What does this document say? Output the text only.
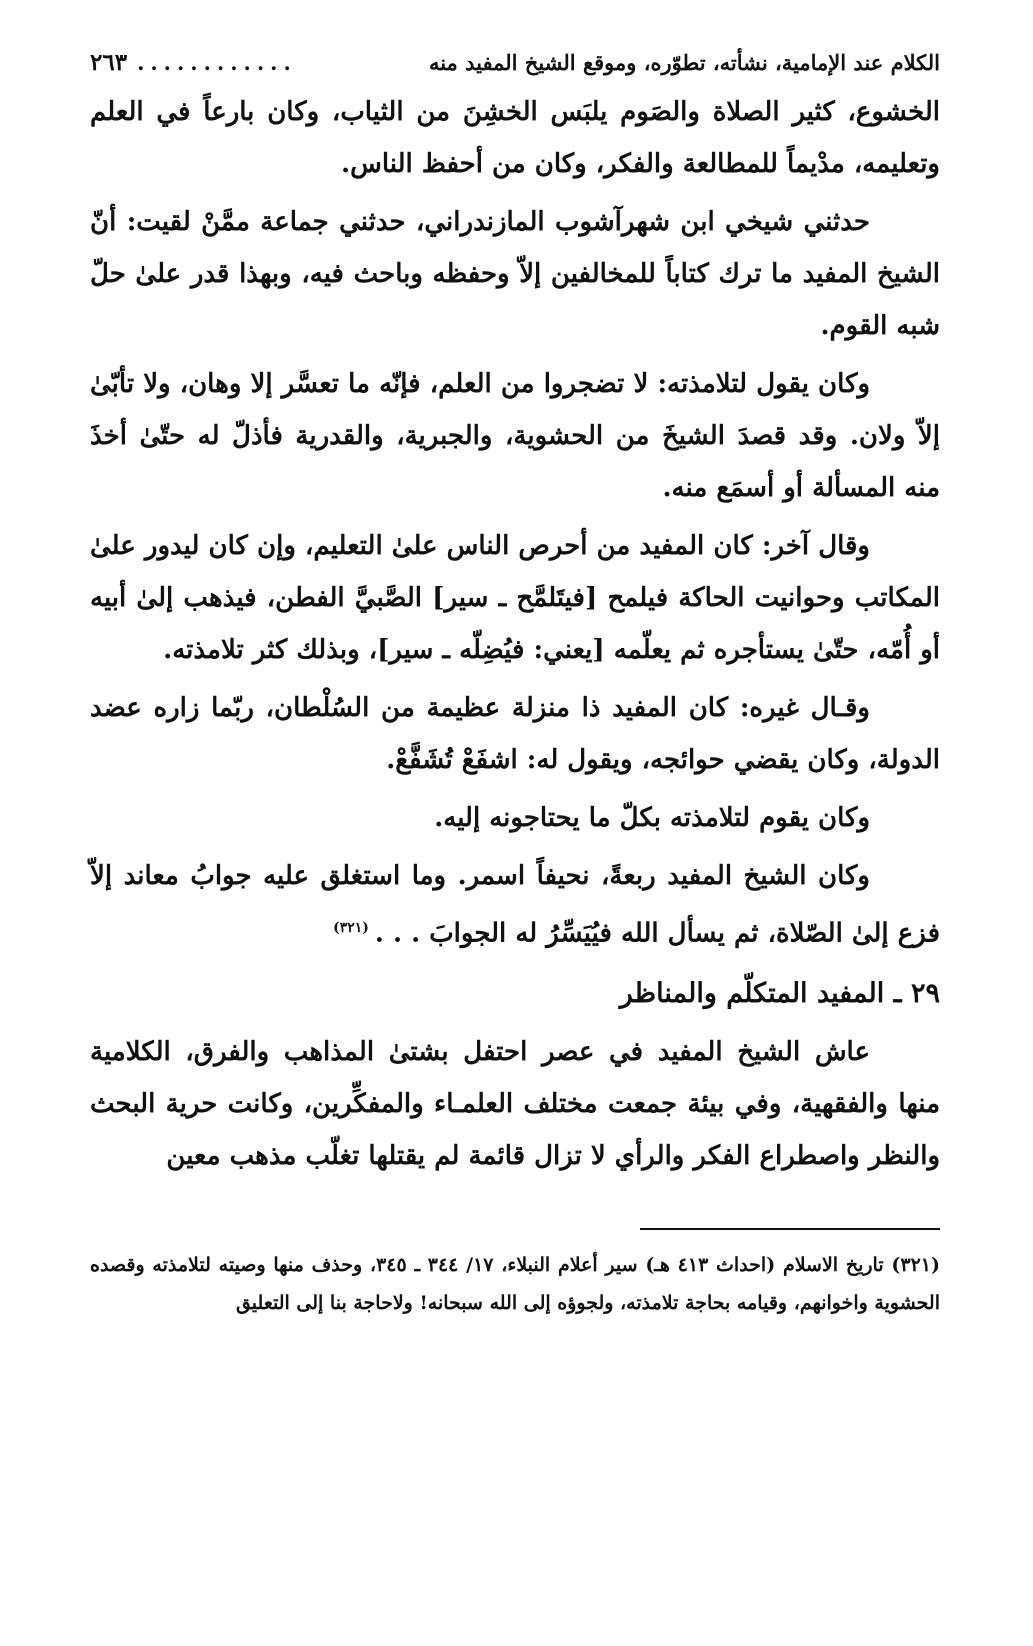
الكلام عند الإمامية، نشأته، تطوّره، وموقع الشيخ المفيد منه
............
٢٦٣

الخشوع، كثير الصلاة والصَوم يلبَس الخشِنَ من الثياب، وكان بارعاً في العلم وتعليمه، مدْيماً للمطالعة والفكر، وكان من أحفظ الناس.

حدثني شيخي ابن شهرآشوب المازندراني، حدثني جماعة ممَّنْ لقيت: أنّ الشيخ المفيد ما ترك كتاباً للمخالفين إلاّ وحفظه وباحث فيه، وبهذا قدر علىٰ حلّ شبه القوم.

وكان يقول لتلامذته: لا تضجروا من العلم، فإنّه ما تعسَّر إلا وهان، ولا تأبّىٰ إلاّ ولان. وقد قصدَ الشيخَ من الحشوية، والجبرية، والقدرية فأذلّ له حتّىٰ أخذَ منه المسألة أو أسمَع منه.

وقال آخر: كان المفيد من أحرص الناس علىٰ التعليم، وإن كان ليدور علىٰ المكاتب وحوانيت الحاكة فيلمح [فيتَلمَّح ـ سير] الصَّبيَّ الفطن، فيذهب إلىٰ أبيه أو أُمّه، حتّىٰ يستأجره ثم يعلّمه [يعني: فيُضِلّه ـ سير]، وبذلك كثر تلامذته.

وقـال غيره: كان المفيد ذا منزلة عظيمة من السُلْطان، ربّما زاره عضد الدولة، وكان يقضي حوائجه، ويقول له: اشفَعْ تُشَفَّعْ.

وكان يقوم لتلامذته بكلّ ما يحتاجونه إليه.

وكان الشيخ المفيد ربعةً، نحيفاً اسمر. وما استغلق عليه جوابُ معاند إلاّ فزع إلىٰ الصّلاة، ثم يسأل الله فيُيَسِّرُ له الجوابَ . . .$^{(٣٢١)}$

٢٩ ـ المفيد المتكلّم والمناظر

عاش الشيخ المفيد في عصر احتفل بشتىٰ المذاهب والفرق، الكلامية منها والفقهية، وفي بيئة جمعت مختلف العلمـاء والمفكِّرين، وكانت حرية البحث والنظر واصطراع الفكر والرأي لا تزال قائمة لم يقتلها تغلّب مذهب معين

(٣٢١) تاريخ الاسلام (احداث ٤١٣ هـ) سير أعلام النبلاء، ١٧/ ٣٤٤ ـ ٣٤٥، وحذف منها وصيته لتلامذته وقصده الحشوية واخوانهم، وقيامه بحاجة تلامذته، ولجوؤه إلى الله سبحانه! ولاحاجة بنا إلى التعليق
